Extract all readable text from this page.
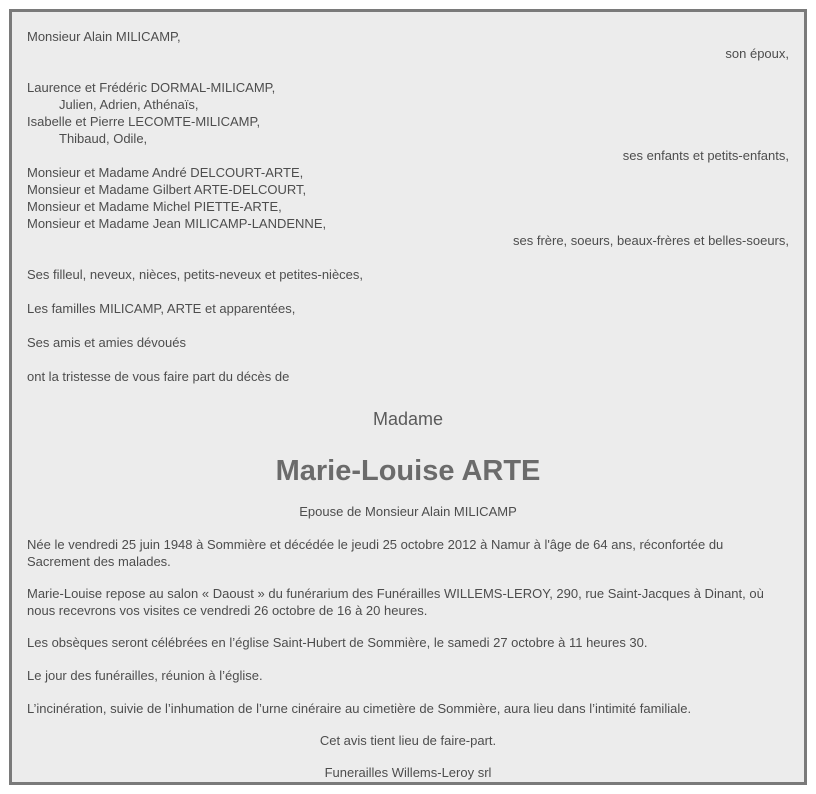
Monsieur Alain MILICAMP,
son époux,
Laurence et Frédéric DORMAL-MILICAMP,
Julien, Adrien, Athénaïs,
Isabelle et Pierre LECOMTE-MILICAMP,
Thibaud, Odile,
ses enfants et petits-enfants,
Monsieur et Madame André DELCOURT-ARTE,
Monsieur et Madame Gilbert ARTE-DELCOURT,
Monsieur et Madame Michel PIETTE-ARTE,
Monsieur et Madame Jean MILICAMP-LANDENNE,
ses frère, soeurs, beaux-frères et belles-soeurs,
Ses filleul, neveux, nièces, petits-neveux et petites-nièces,
Les familles MILICAMP, ARTE et apparentées,
Ses amis et amies dévoués
ont la tristesse de vous faire part du décès de
Madame
Marie-Louise ARTE
Epouse de Monsieur Alain MILICAMP
Née le vendredi 25 juin 1948 à Sommière et décédée le jeudi 25 octobre 2012 à Namur à l'âge de 64 ans, réconfortée du Sacrement des malades.
Marie-Louise repose au salon « Daoust » du funérarium des Funérailles WILLEMS-LEROY, 290, rue Saint-Jacques à Dinant, où nous recevrons vos visites ce vendredi 26 octobre de 16 à 20 heures.
Les obsèques seront célébrées en l’église Saint-Hubert de Sommière, le samedi 27 octobre à 11 heures 30.
Le jour des funérailles, réunion à l’église.
L’incinération, suivie de l’inhumation de l’urne cinéraire au cimetière de Sommière, aura lieu dans l’intimité familiale.
Cet avis tient lieu de faire-part.
Funerailles Willems-Leroy srl
